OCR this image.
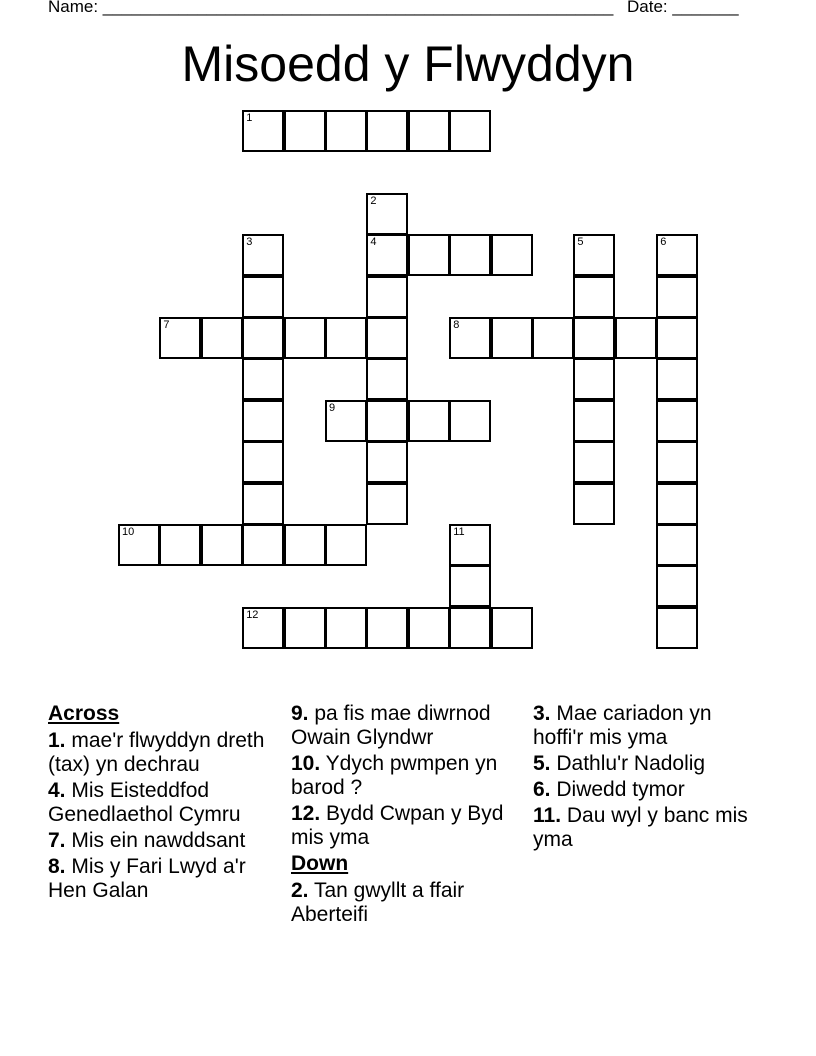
Name: ______________________________________________________ Date: _______
Misoedd y Flwyddyn
1
2
3	4	5	6
7	8
9
10	11
12
Across
1. mae'r flwyddyn dreth (tax) yn dechrau
4. Mis Eisteddfod Genedlaethol Cymru
7. Mis ein nawddsant
8. Mis y Fari Lwyd a'r Hen Galan
9. pa fis mae diwrnod Owain Glyndwr
10. Ydych pwmpen yn barod ?
12. Bydd Cwpan y Byd mis yma
Down
2. Tan gwyllt a ffair Aberteifi
3. Mae cariadon yn hoffi'r mis yma
5. Dathlu'r Nadolig
6. Diwedd tymor
11. Dau wyl y banc mis yma
